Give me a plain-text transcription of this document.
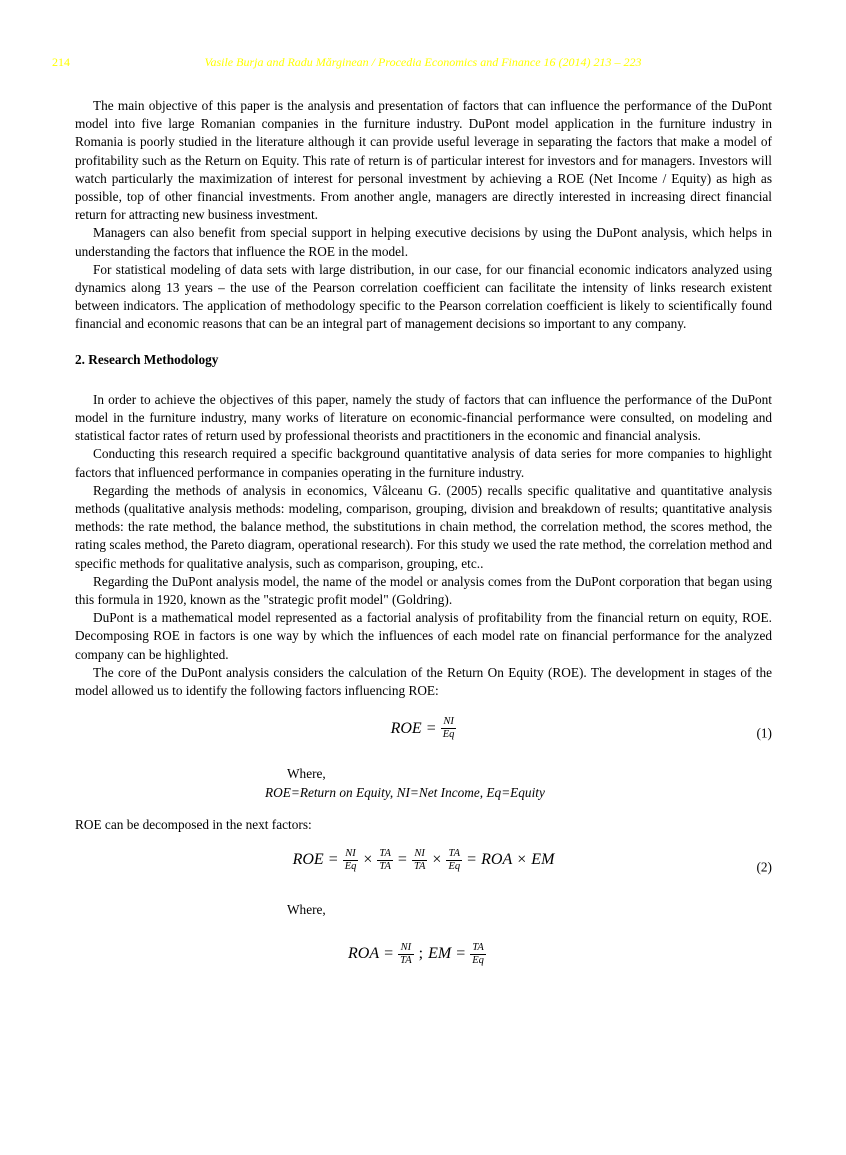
214	Vasile Burja and Radu Mărginean / Procedia Economics and Finance 16 (2014) 213 – 223

The main objective of this paper is the analysis and presentation of factors that can influence the performance of the DuPont model into five large Romanian companies in the furniture industry. DuPont model application in the furniture industry in Romania is poorly studied in the literature although it can provide useful leverage in separating the factors that make a model of profitability such as the Return on Equity. This rate of return is of particular interest for investors and for managers. Investors will watch particularly the maximization of interest for personal investment by achieving a ROE (Net Income / Equity) as high as possible, top of other financial investments. From another angle, managers are directly interested in increasing direct financial return for attracting new business investment.

Managers can also benefit from special support in helping executive decisions by using the DuPont analysis, which helps in understanding the factors that influence the ROE in the model.

For statistical modeling of data sets with large distribution, in our case, for our financial economic indicators analyzed using dynamics along 13 years – the use of the Pearson correlation coefficient can facilitate the intensity of links research existent between indicators. The application of methodology specific to the Pearson correlation coefficient is likely to scientifically found financial and economic reasons that can be an integral part of management decisions so important to any company.

2. Research Methodology

In order to achieve the objectives of this paper, namely the study of factors that can influence the performance of the DuPont model in the furniture industry, many works of literature on economic-financial performance were consulted, on modeling and statistical factor rates of return used by professional theorists and practitioners in the economic and financial analysis.

Conducting this research required a specific background quantitative analysis of data series for more companies to highlight factors that influenced performance in companies operating in the furniture industry.

Regarding the methods of analysis in economics, Vâlceanu G. (2005) recalls specific qualitative and quantitative analysis methods (qualitative analysis methods: modeling, comparison, grouping, division and breakdown of results; quantitative analysis methods: the rate method, the balance method, the substitutions in chain method, the correlation method, the scores method, the rating scales method, the Pareto diagram, operational research). For this study we used the rate method, the correlation method and specific methods for qualitative analysis, such as comparison, grouping, etc..

Regarding the DuPont analysis model, the name of the model or analysis comes from the DuPont corporation that began using this formula in 1920, known as the "strategic profit model" (Goldring).

DuPont is a mathematical model represented as a factorial analysis of profitability from the financial return on equity, ROE. Decomposing ROE in factors is one way by which the influences of each model rate on financial performance for the analyzed company can be highlighted.

The core of the DuPont analysis considers the calculation of the Return On Equity (ROE). The development in stages of the model allowed us to identify the following factors influencing ROE:

ROE = $\frac{NI}{Eq}$	(1)

Where,

ROE=Return on Equity, NI=Net Income, Eq=Equity

ROE can be decomposed in the next factors:

ROE = $\frac{NI}{Eq} \times \frac{TA}{TA} = \frac{NI}{TA} \times \frac{TA}{Eq}$ = ROA × EM	(2)

Where,

ROA = $\frac{NI}{TA}$ ; EM = $\frac{TA}{Eq}$
